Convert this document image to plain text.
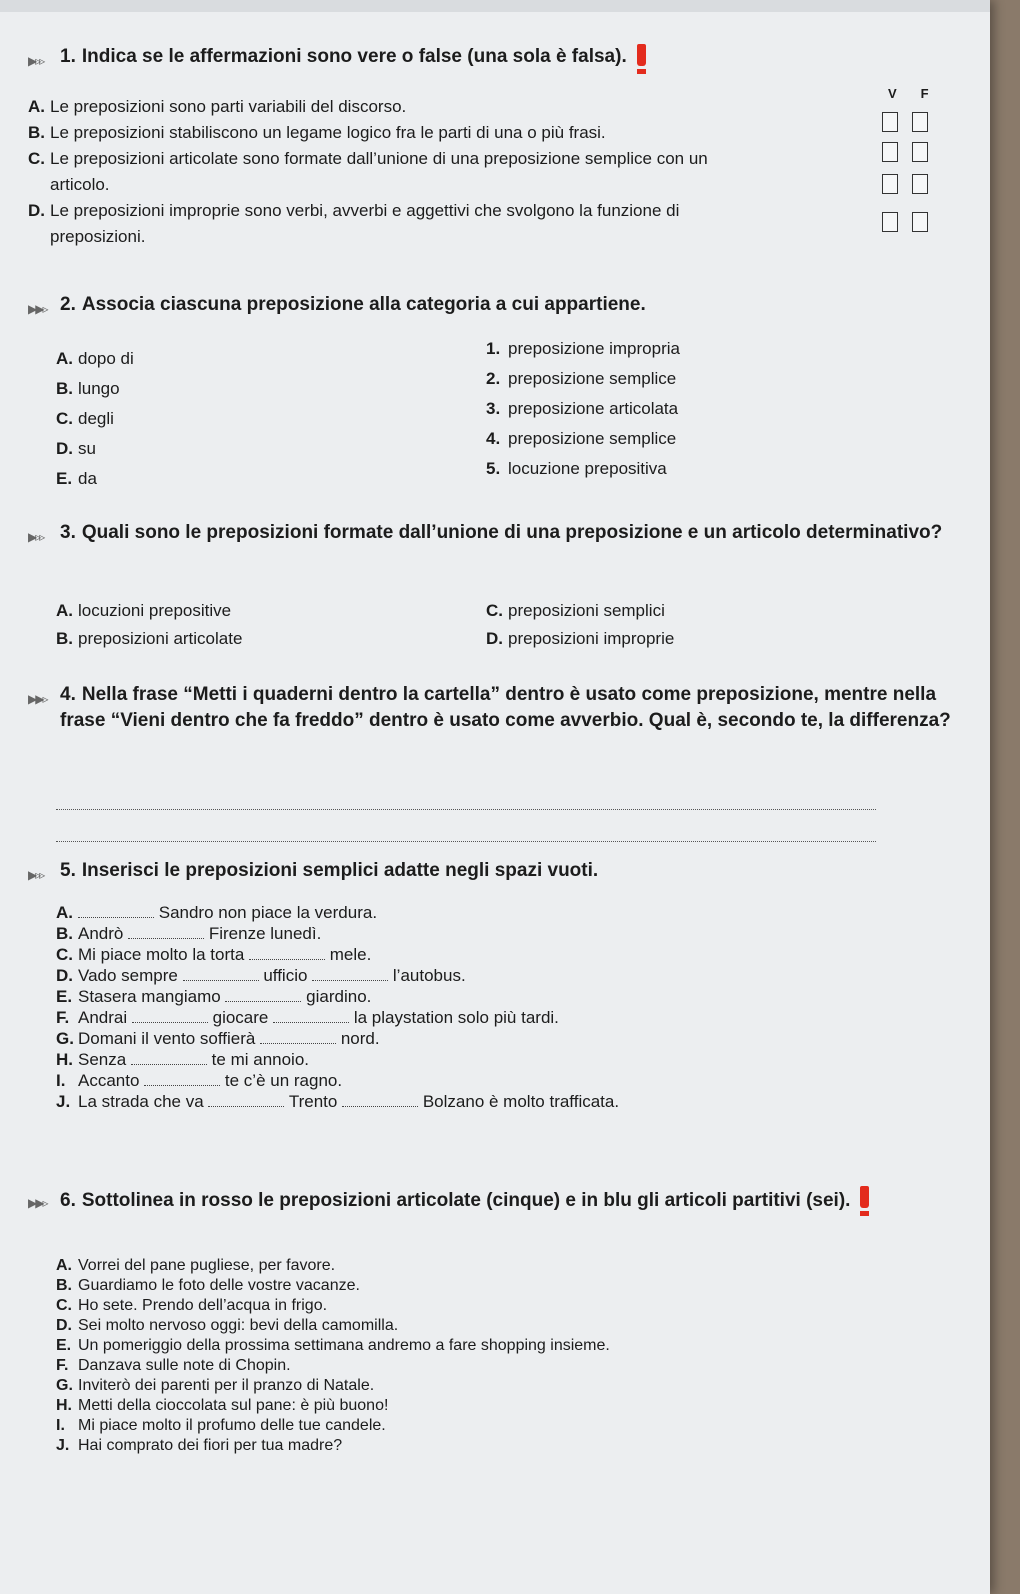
▶▹▹ 1. Indica se le affermazioni sono vere o false (una sola è falsa).
V F
A. Le preposizioni sono parti variabili del discorso.
B. Le preposizioni stabiliscono un legame logico fra le parti di una o più frasi.
C. Le preposizioni articolate sono formate dall’unione di una preposizione semplice con un
articolo.
D. Le preposizioni improprie sono verbi, avverbi e aggettivi che svolgono la funzione di
preposizioni.
▶▶▹ 2. Associa ciascuna preposizione alla categoria a cui appartiene.
A. dopo di
1. preposizione impropria
B. lungo
2. preposizione semplice
C. degli
3. preposizione articolata
D. su
4. preposizione semplice
E. da
5. locuzione prepositiva
▶▹▹ 3. Quali sono le preposizioni formate dall’unione di una preposizione e un articolo determinativo?
A. locuzioni prepositive	C. preposizioni semplici
B. preposizioni articolate	D. preposizioni improprie
▶▶▹ 4. Nella frase “Metti i quaderni dentro la cartella” dentro è usato come preposizione, mentre nella frase “Vieni dentro che fa freddo” dentro è usato come avverbio. Qual è, secondo te, la differenza?
▶▹▹ 5. Inserisci le preposizioni semplici adatte negli spazi vuoti.
A.	Sandro non piace la verdura.
B. Andrò	Firenze lunedì.
C. Mi piace molto la torta	mele.
D. Vado sempre	ufficio	l’autobus.
E. Stasera mangiamo	giardino.
F. Andrai	giocare	la playstation solo più tardi.
G. Domani il vento soffierà	nord.
H. Senza	te mi annoio.
I. Accanto	te c’è un ragno.
J. La strada che va	Trento	Bolzano è molto trafficata.
▶▶▹ 6. Sottolinea in rosso le preposizioni articolate (cinque) e in blu gli articoli partitivi (sei).
A. Vorrei del pane pugliese, per favore.
B. Guardiamo le foto delle vostre vacanze.
C. Ho sete. Prendo dell’acqua in frigo.
D. Sei molto nervoso oggi: bevi della camomilla.
E. Un pomeriggio della prossima settimana andremo a fare shopping insieme.
F. Danzava sulle note di Chopin.
G. Inviterò dei parenti per il pranzo di Natale.
H. Metti della cioccolata sul pane: è più buono!
I. Mi piace molto il profumo delle tue candele.
J. Hai comprato dei fiori per tua madre?
